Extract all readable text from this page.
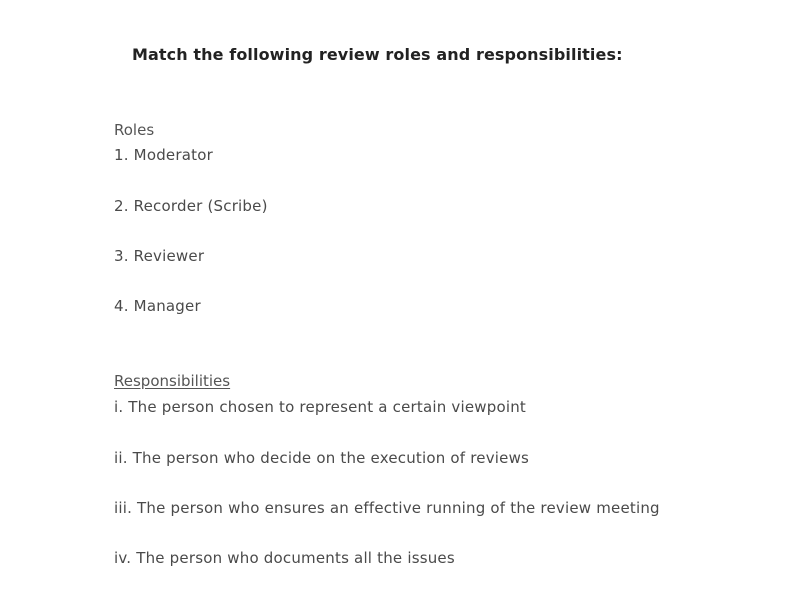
Match the following review roles and responsibilities:
Roles
1. Moderator
2. Recorder (Scribe)
3. Reviewer
4. Manager
Responsibilities
i. The person chosen to represent a certain viewpoint
ii. The person who decide on the execution of reviews
iii. The person who ensures an effective running of the review meeting
iv. The person who documents all the issues
